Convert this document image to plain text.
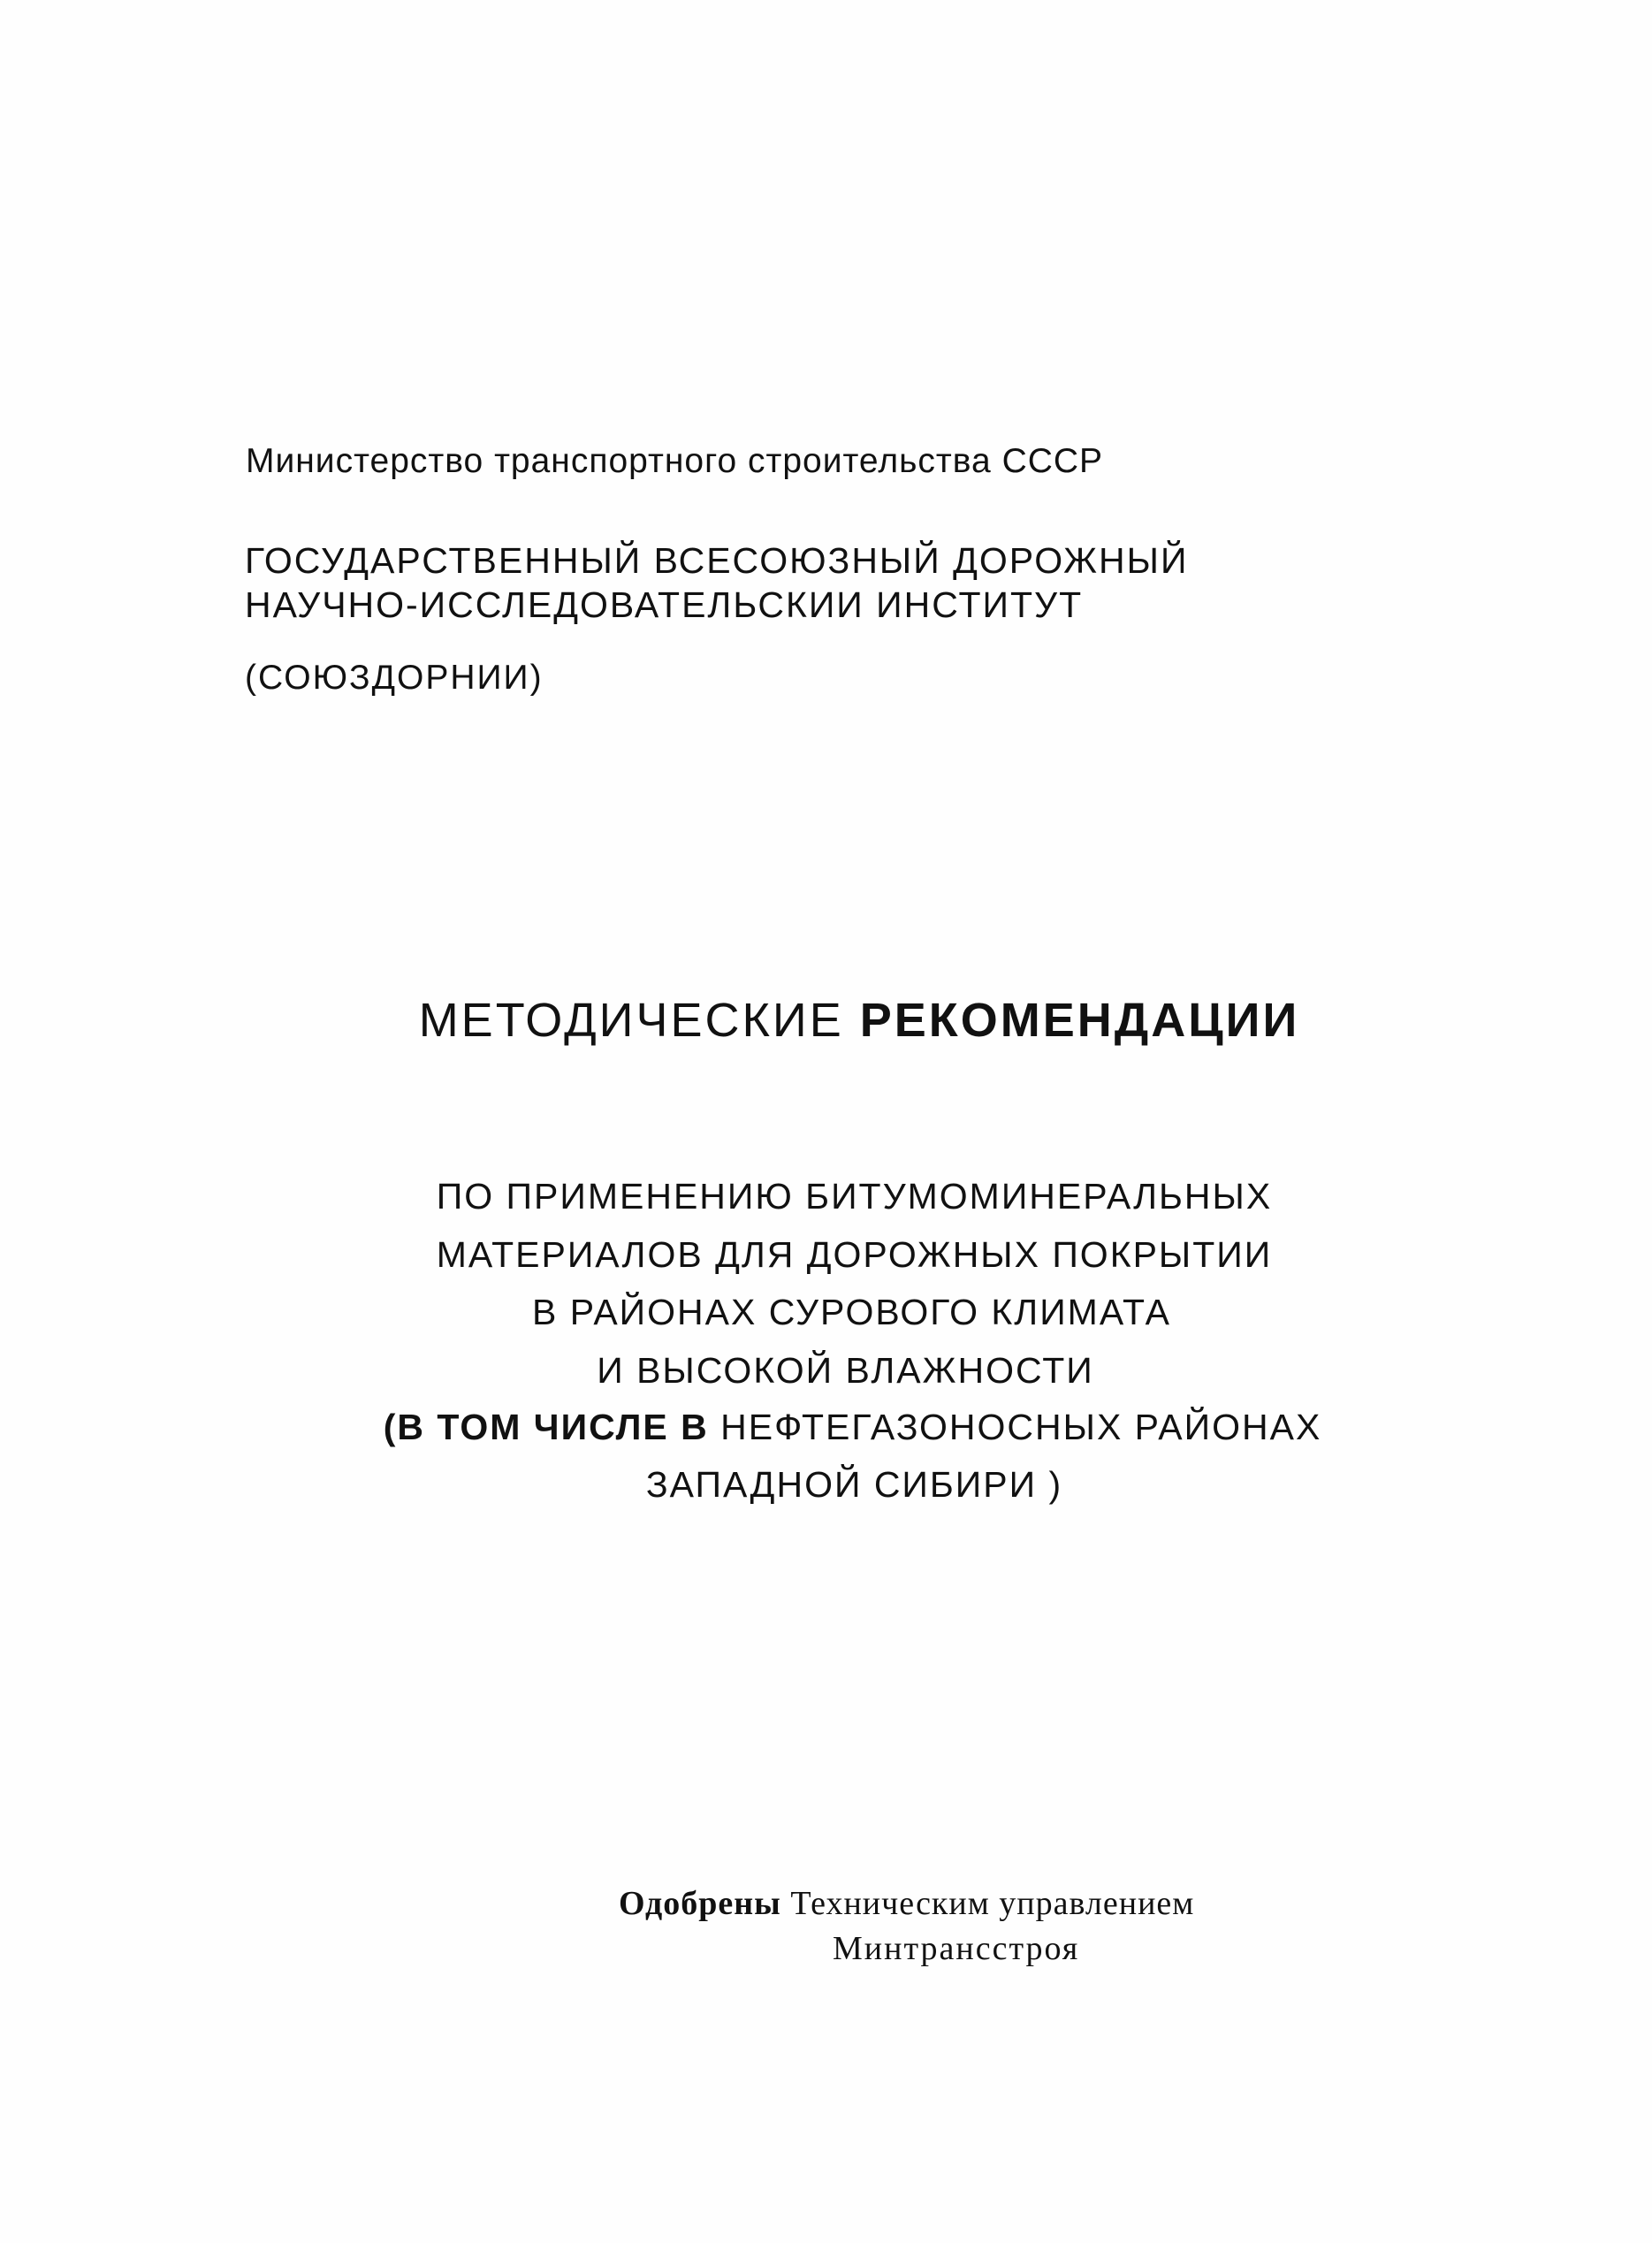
Министерство транспортного строительства СССР
ГОСУДАРСТВЕННЫЙ ВСЕСОЮЗНЫЙ ДОРОЖНЫЙ
НАУЧНО-ИССЛЕДОВАТЕЛЬСКИИ ИНСТИТУТ
(СОЮЗДОРНИИ)
МЕТОДИЧЕСКИЕ РЕКОМЕНДАЦИИ
ПО ПРИМЕНЕНИЮ БИТУМОМИНЕРАЛЬНЫХ
МАТЕРИАЛОВ ДЛЯ ДОРОЖНЫХ ПОКРЫТИИ
В РАЙОНАХ СУРОВОГО КЛИМАТА
И ВЫСОКОЙ ВЛАЖНОСТИ
(В ТОМ ЧИСЛЕ В НЕФТЕГАЗОНОСНЫХ РАЙОНАХ
ЗАПАДНОЙ СИБИРИ )
Одобрены Техническим управлением
Минтрансстроя
